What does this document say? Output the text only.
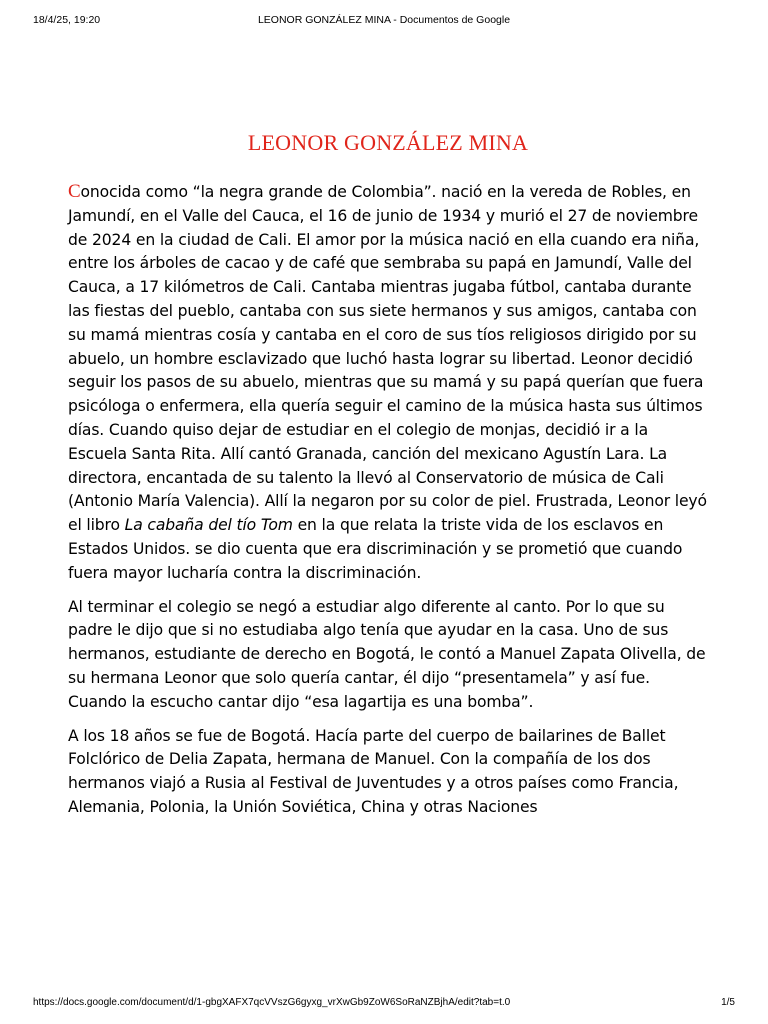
18/4/25, 19:20	LEONOR GONZÁLEZ MINA - Documentos de Google
LEONOR GONZÁLEZ MINA

Conocida como “la negra grande de Colombia”. nació en la vereda de Robles, en Jamundí, en el Valle del Cauca, el 16 de junio de 1934 y murió el 27 de noviembre de 2024 en la ciudad de Cali. El amor por la música nació en ella cuando era niña, entre los árboles de cacao y de café que sembraba su papá en Jamundí, Valle del Cauca, a 17 kilómetros de Cali. Cantaba mientras jugaba fútbol, cantaba durante las fiestas del pueblo, cantaba con sus siete hermanos y sus amigos, cantaba con su mamá mientras cosía y cantaba en el coro de sus tíos religiosos dirigido por su abuelo, un hombre esclavizado que luchó hasta lograr su libertad. Leonor decidió seguir los pasos de su abuelo, mientras que su mamá y su papá querían que fuera psicóloga o enfermera, ella quería seguir el camino de la música hasta sus últimos días. Cuando quiso dejar de estudiar en el colegio de monjas, decidió ir a la Escuela Santa Rita. Allí cantó Granada, canción del mexicano Agustín Lara. La directora, encantada de su talento la llevó al Conservatorio de música de Cali (Antonio María Valencia). Allí la negaron por su color de piel. Frustrada, Leonor leyó el libro La cabaña del tío Tom en la que relata la triste vida de los esclavos en Estados Unidos. se dio cuenta que era discriminación y se prometió que cuando fuera mayor lucharía contra la discriminación.

Al terminar el colegio se negó a estudiar algo diferente al canto. Por lo que su padre le dijo que si no estudiaba algo tenía que ayudar en la casa. Uno de sus hermanos, estudiante de derecho en Bogotá, le contó a Manuel Zapata Olivella, de su hermana Leonor que solo quería cantar, él dijo “presentamela” y así fue. Cuando la escucho cantar dijo “esa lagartija es una bomba”.

A los 18 años se fue de Bogotá. Hacía parte del cuerpo de bailarines de Ballet Folclórico de Delia Zapata, hermana de Manuel. Con la compañía de los dos hermanos viajó a Rusia al Festival de Juventudes y a otros países como Francia, Alemania, Polonia, la Unión Soviética, China y otras Naciones

https://docs.google.com/document/d/1-gbgXAFX7qcVVszG6gyxg_vrXwGb9ZoW6SoRaNZBjhA/edit?tab=t.0	1/5
